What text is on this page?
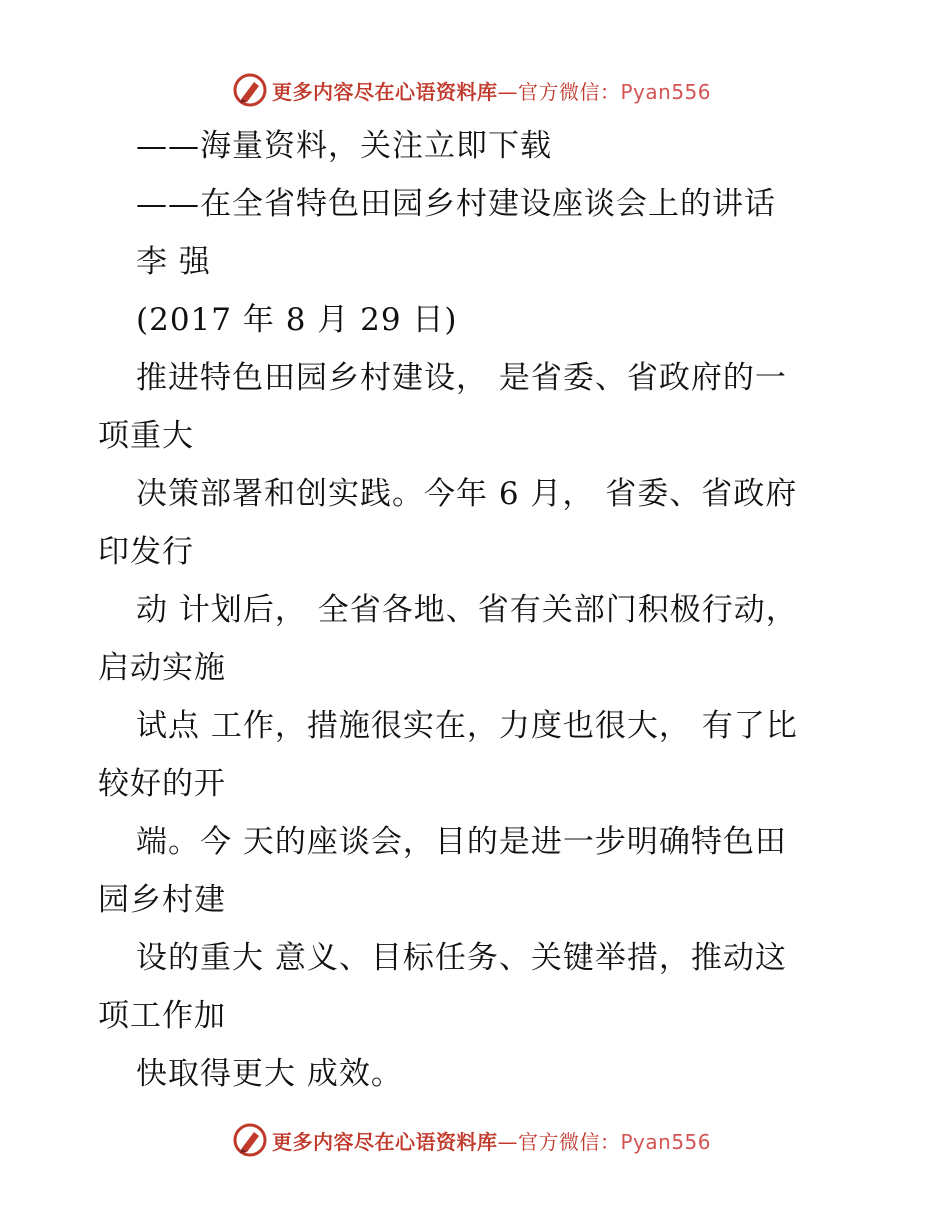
更多内容尽在心语资料库—官方微信：Pyan556
——海量资料，关注立即下载
——在全省特色田园乡村建设座谈会上的讲话
李 强
(2017 年 8 月 29 日)
推进特色田园乡村建设， 是省委、省政府的一
项重大
决策部署和创实践。今年 6 月， 省委、省政府
印发行
动 计划后， 全省各地、省有关部门积极行动，
启动实施
试点 工作，措施很实在，力度也很大， 有了比
较好的开
端。今 天的座谈会，目的是进一步明确特色田
园乡村建
设的重大 意义、目标任务、关键举措，推动这
项工作加
快取得更大 成效。
更多内容尽在心语资料库—官方微信：Pyan556
